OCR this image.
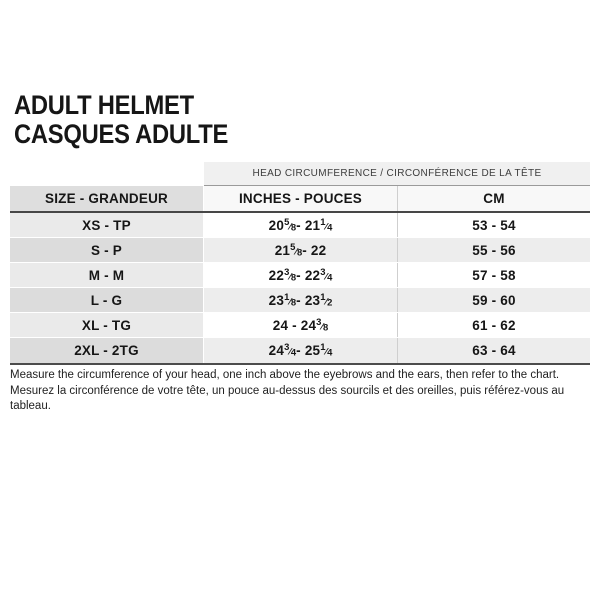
ADULT HELMET
CASQUES ADULTE
HEAD CIRCUMFERENCE / CIRCONFÉRENCE DE LA TÊTE
SIZE - GRANDEUR	INCHES - POUCES	CM
XS - TP	20 5⁄8 - 21 1⁄4	53 - 54
S - P	21 5⁄8 - 22	55 - 56
M - M	22 3⁄8 - 22 3⁄4	57 - 58
L - G	23 1⁄8 - 23 1⁄2	59 - 60
XL - TG	24 - 24 3⁄8	61 - 62
2XL - 2TG	24 3⁄4 - 25 1⁄4	63 - 64
Measure the circumference of your head, one inch above the eyebrows and the ears, then refer to the chart.
Mesurez la circonférence de votre tête, un pouce au-dessus des sourcils et des oreilles, puis référez-vous au tableau.
